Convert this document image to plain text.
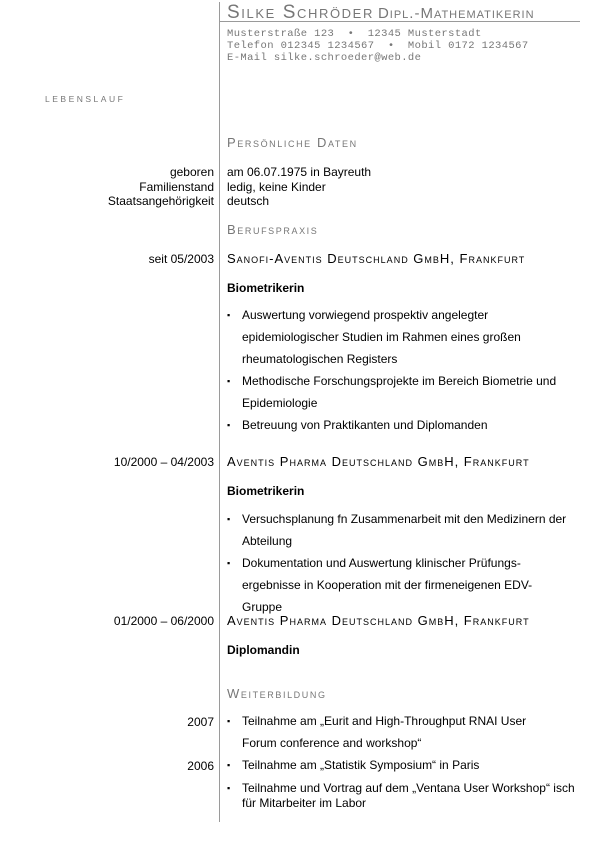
Silke Schröder Dipl.-Mathematikerin
Musterstraße 123  •  12345 Musterstadt
Telefon 012345 1234567  •  Mobil 0172 1234567
E-Mail silke.schroeder@web.de
LEBENSLAUF
Persönliche Daten
geboren am 06.07.1975 in Bayreuth
Familienstand ledig, keine Kinder
Staatsangehörigkeit deutsch
Berufspraxis
seit 05/2003 Sanofi-Aventis Deutschland GmbH, Frankfurt
Biometrikerin
▪ Auswertung vorwiegend prospektiv angelegter epidemiologischer Studien im Rahmen eines großen rheumatologischen Registers
▪ Methodische Forschungsprojekte im Bereich Biometrie und Epidemiologie
▪ Betreuung von Praktikanten und Diplomanden
10/2000 – 04/2003 Aventis Pharma Deutschland GmbH, Frankfurt
Biometrikerin
▪ Versuchsplanung fn Zusammenarbeit mit den Medizinern der Abteilung
▪ Dokumentation und Auswertung klinischer Prüfungs-ergebnisse in Kooperation mit der firmeneigenen EDV-Gruppe
01/2000 – 06/2000 Aventis Pharma Deutschland GmbH, Frankfurt
Diplomandin
Weiterbildung
2007	▪ Teilnahme am „Eurit and High-Throughput RNAI User Forum conference and workshop“
2006	▪ Teilnahme am „Statistik Symposium“ in Paris
▪ Teilnahme und Vortrag auf dem „Ventana User Workshop“ isch für Mitarbeiter im Labor
